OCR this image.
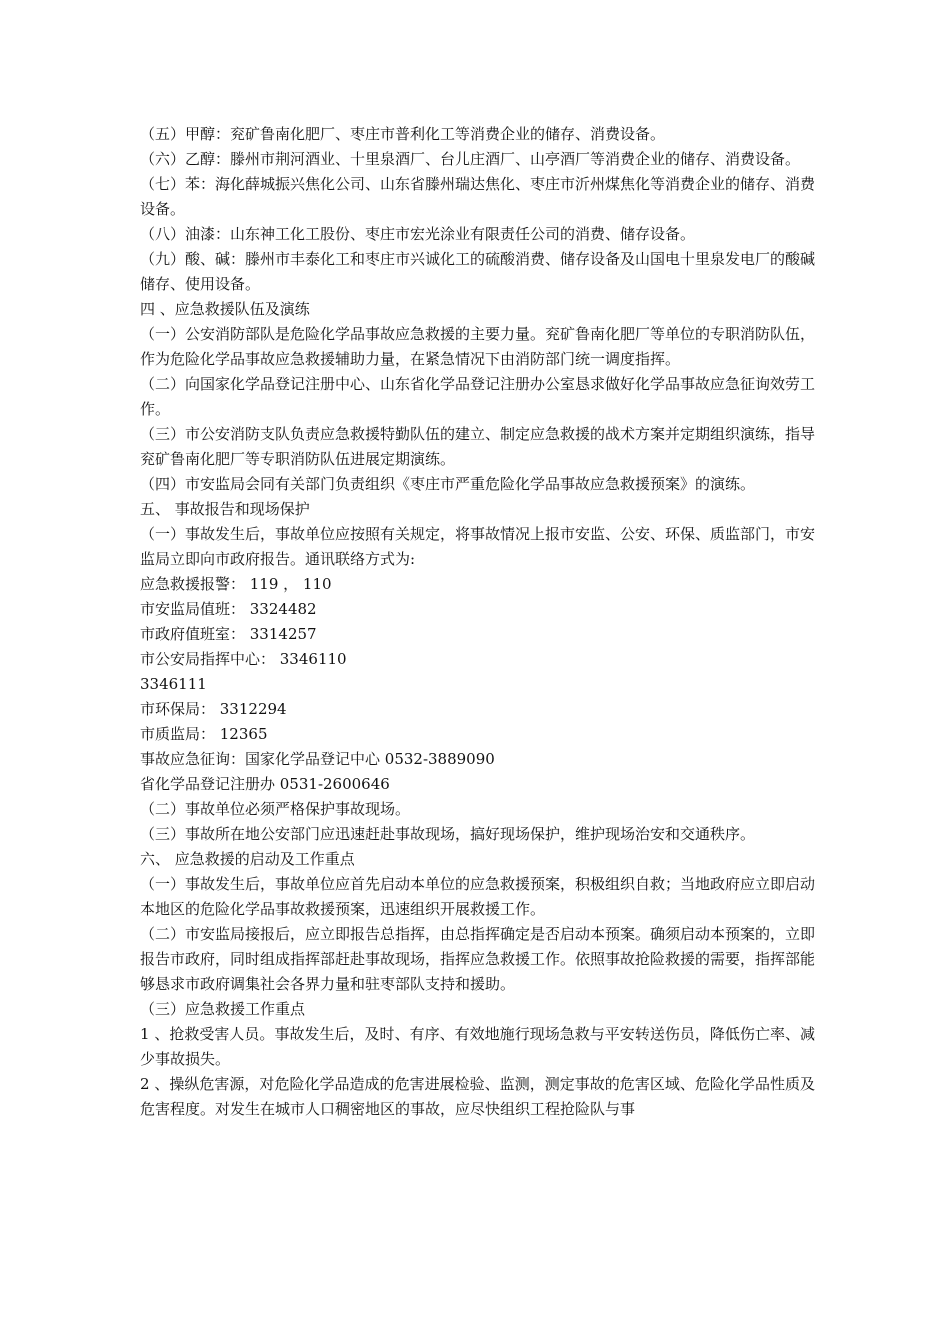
（五）甲醇：兖矿鲁南化肥厂、枣庄市普利化工等消费企业的储存、消费设备。

（六）乙醇：滕州市荆河酒业、十里泉酒厂、台儿庄酒厂、山亭酒厂等消费企业的储存、消费设备。

（七）苯：海化薛城振兴焦化公司、山东省滕州瑞达焦化、枣庄市沂州煤焦化等消费企业的储存、消费设备。

（八）油漆：山东神工化工股份、枣庄市宏光涂业有限责任公司的消费、储存设备。

（九）酸、碱：滕州市丰泰化工和枣庄市兴诚化工的硫酸消费、储存设备及山国电十里泉发电厂的酸碱储存、使用设备。

四 、应急救援队伍及演练

（一）公安消防部队是危险化学品事故应急救援的主要力量。兖矿鲁南化肥厂等单位的专职消防队伍，作为危险化学品事故应急救援辅助力量，在紧急情况下由消防部门统一调度指挥。

（二）向国家化学品登记注册中心、山东省化学品登记注册办公室恳求做好化学品事故应急征询效劳工作。

（三）市公安消防支队负责应急救援特勤队伍的建立、制定应急救援的战术方案并定期组织演练，指导兖矿鲁南化肥厂等专职消防队伍进展定期演练。

（四）市安监局会同有关部门负责组织《枣庄市严重危险化学品事故应急救援预案》的演练。

五、 事故报告和现场保护

（一）事故发生后，事故单位应按照有关规定，将事故情况上报市安监、公安、环保、质监部门，市安监局立即向市政府报告。通讯联络方式为:

应急救援报警： 119 ， 110

市安监局值班： 3324482

市政府值班室： 3314257

市公安局指挥中心： 3346110

3346111

市环保局： 3312294

市质监局： 12365

事故应急征询：国家化学品登记中心 0532-3889090

省化学品登记注册办 0531-2600646

（二）事故单位必须严格保护事故现场。

（三）事故所在地公安部门应迅速赶赴事故现场，搞好现场保护，维护现场治安和交通秩序。

六、 应急救援的启动及工作重点

（一）事故发生后，事故单位应首先启动本单位的应急救援预案，积极组织自救；当地政府应立即启动本地区的危险化学品事故救援预案，迅速组织开展救援工作。

（二）市安监局接报后，应立即报告总指挥，由总指挥确定是否启动本预案。确须启动本预案的，立即报告市政府，同时组成指挥部赶赴事故现场，指挥应急救援工作。依照事故抢险救援的需要，指挥部能够恳求市政府调集社会各界力量和驻枣部队支持和援助。

（三）应急救援工作重点

1 、抢救受害人员。事故发生后，及时、有序、有效地施行现场急救与平安转送伤员，降低伤亡率、减少事故损失。

2 、操纵危害源，对危险化学品造成的危害进展检验、监测，测定事故的危害区域、危险化学品性质及危害程度。对发生在城市人口稠密地区的事故，应尽快组织工程抢险队与事
